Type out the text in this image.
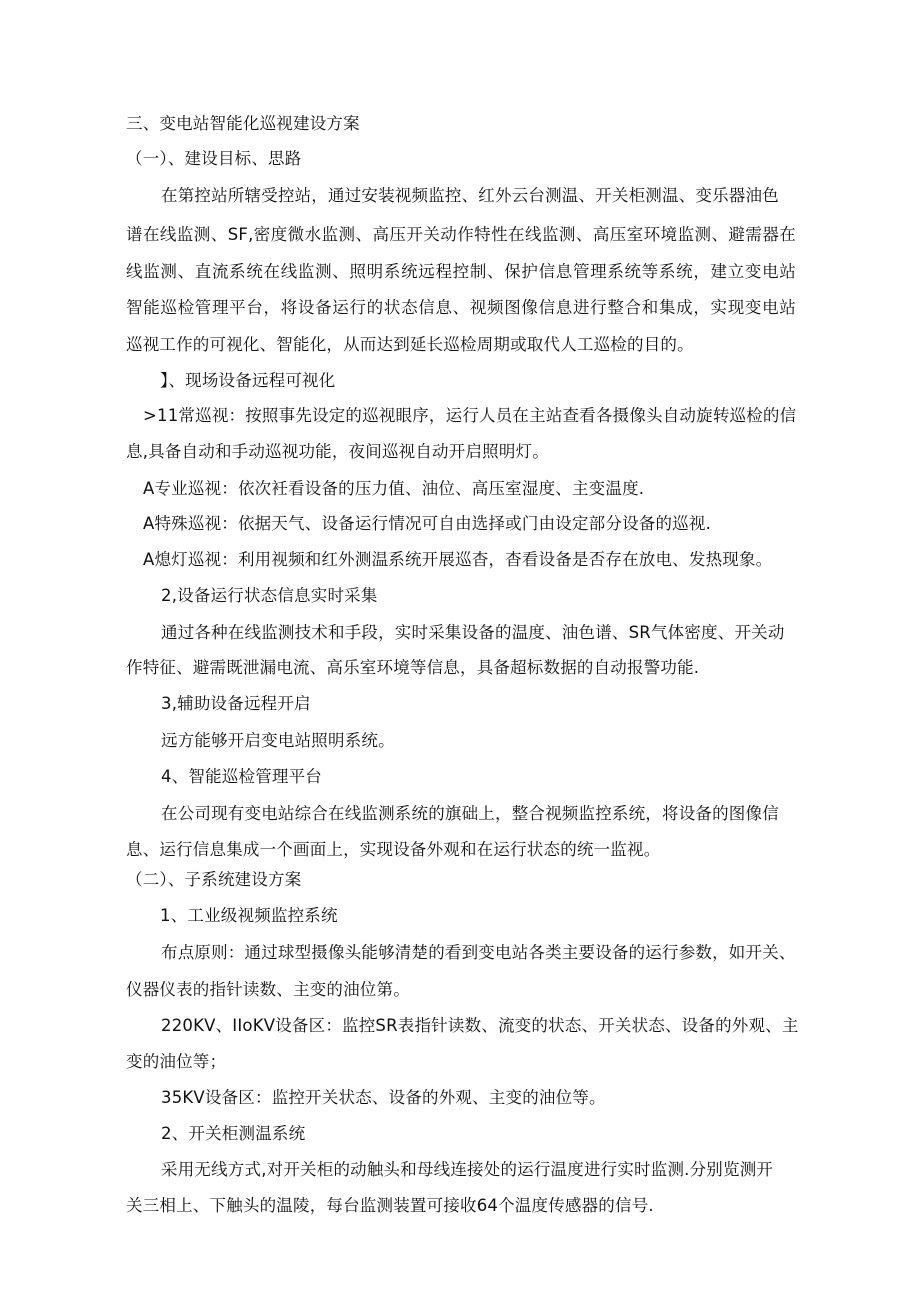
三、变电站智能化巡视建设方案
（一）、建设目标、思路
在第控站所辖受控站，通过安装视频监控、红外云台测温、开关柜测温、变乐器油色
谱在线监测、SF,密度微水监测、高压开关动作特性在线监测、高压室环境监测、避需器在
线监测、直流系统在线监测、照明系统远程控制、保护信息管理系统等系统，建立变电站
智能巡检管理平台，将设备运行的状态信息、视频图像信息进行整合和集成，实现变电站
巡视工作的可视化、智能化，从而达到延长巡检周期或取代人工巡检的目的。
】、现场设备远程可视化
>11常巡视：按照事先设定的巡视眼序，运行人员在主站查看各摄像头自动旋转巡检的信
息,具备自动和手动巡视功能，夜间巡视自动开启照明灯。
A专业巡视：依次衽看设备的压力值、油位、高压室湿度、主变温度.
A特殊巡视：依据天气、设备运行情况可自由选择或门由设定部分设备的巡视.
A熄灯巡视：利用视频和红外测温系统开展巡杳，杳看设备是否存在放电、发热现象。
2,设备运行状态信息实时采集
通过各种在线监测技术和手段，实时采集设备的温度、油色谱、SR气体密度、开关动
作特征、避需既泄漏电流、高乐室环境等信息，具备超标数据的自动报警功能.
3,辅助设备远程开启
远方能够开启变电站照明系统。
4、智能巡检管理平台
在公司现有变电站综合在线监测系统的旗础上，整合视频监控系统，将设备的图像信
息、运行信息集成一个画面上，实现设备外观和在运行状态的统一监视。
（二）、子系统建设方案
1、工业级视频监控系统
布点原则：通过球型摄像头能够清楚的看到变电站各类主要设备的运行参数，如开关、
仪器仪表的指针读数、主变的油位第。
220KV、IIoKV设备区：监控SR表指针读数、流变的状态、开关状态、设备的外观、主
变的油位等；
35KV设备区：监控开关状态、设备的外观、主变的油位等。
2、开关柜测温系统
采用无线方式,对开关柜的动触头和母线连接处的运行温度进行实时监测.分别览测开
关三相上、下触头的温陵，每台监测装置可接收64个温度传感器的信号.
